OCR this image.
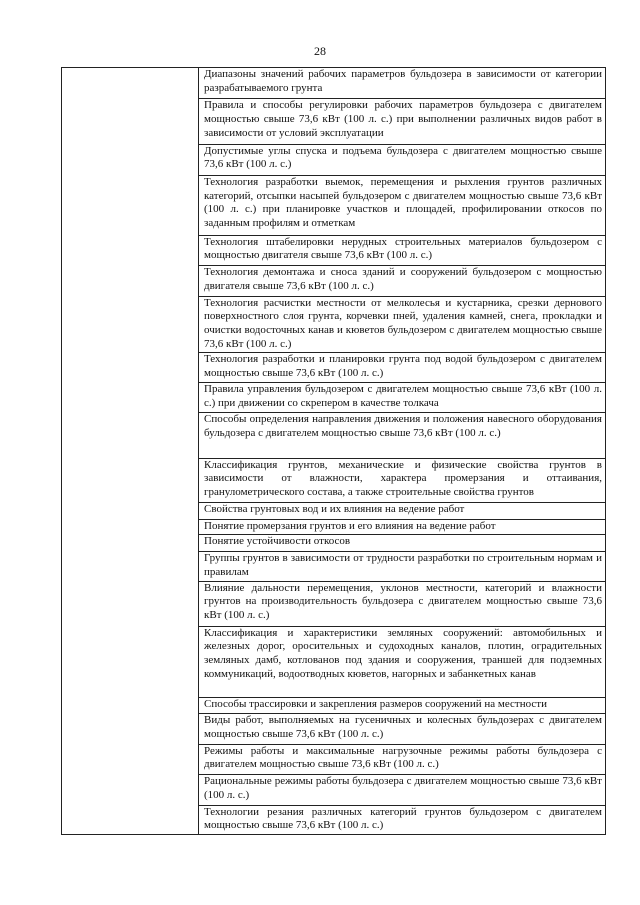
28
Диапазоны значений рабочих параметров бульдозера в зависимости от категории разрабатываемого грунта
Правила и способы регулировки рабочих параметров бульдозера с двигателем мощностью свыше 73,6 кВт (100 л. с.) при выполнении различных видов работ в зависимости от условий эксплуатации
Допустимые углы спуска и подъема бульдозера с двигателем мощностью свыше 73,6 кВт (100 л. с.)
Технология разработки выемок, перемещения и рыхления грунтов различных категорий, отсыпки насыпей бульдозером с двигателем мощностью свыше 73,6 кВт (100 л. с.) при планировке участков и площадей, профилировании откосов по заданным профилям и отметкам
Технология штабелировки нерудных строительных материалов бульдозером с мощностью двигателя свыше 73,6 кВт (100 л. с.)
Технология демонтажа и сноса зданий и сооружений бульдозером с мощностью двигателя свыше 73,6 кВт (100 л. с.)
Технология расчистки местности от мелколесья и кустарника, срезки дернового поверхностного слоя грунта, корчевки пней, удаления камней, снега, прокладки и очистки водосточных канав и кюветов бульдозером с двигателем мощностью свыше 73,6 кВт (100 л. с.)
Технология разработки и планировки грунта под водой бульдозером с двигателем мощностью свыше 73,6 кВт (100 л. с.)
Правила управления бульдозером с двигателем мощностью свыше 73,6 кВт (100 л. с.) при движении со скрепером в качестве толкача
Способы определения направления движения и положения навесного оборудования бульдозера с двигателем мощностью свыше 73,6 кВт (100 л. с.)
Классификация грунтов, механические и физические свойства грунтов в зависимости от влажности, характера промерзания и оттаивания, гранулометрического состава, а также строительные свойства грунтов
Свойства грунтовых вод и их влияния на ведение работ
Понятие промерзания грунтов и его влияния на ведение работ
Понятие устойчивости откосов
Группы грунтов в зависимости от трудности разработки по строительным нормам и правилам
Влияние дальности перемещения, уклонов местности, категорий и влажности грунтов на производительность бульдозера с двигателем мощностью свыше 73,6 кВт (100 л. с.)
Классификация и характеристики земляных сооружений: автомобильных и железных дорог, оросительных и судоходных каналов, плотин, оградительных земляных дамб, котлованов под здания и сооружения, траншей для подземных коммуникаций, водоотводных кюветов, нагорных и забанкетных канав
Способы трассировки и закрепления размеров сооружений на местности
Виды работ, выполняемых на гусеничных и колесных бульдозерах с двигателем мощностью свыше 73,6 кВт (100 л. с.)
Режимы работы и максимальные нагрузочные режимы работы бульдозера с двигателем мощностью свыше 73,6 кВт (100 л. с.)
Рациональные режимы работы бульдозера с двигателем мощностью свыше 73,6 кВт (100 л. с.)
Технологии резания различных категорий грунтов бульдозером с двигателем мощностью свыше 73,6 кВт (100 л. с.)
